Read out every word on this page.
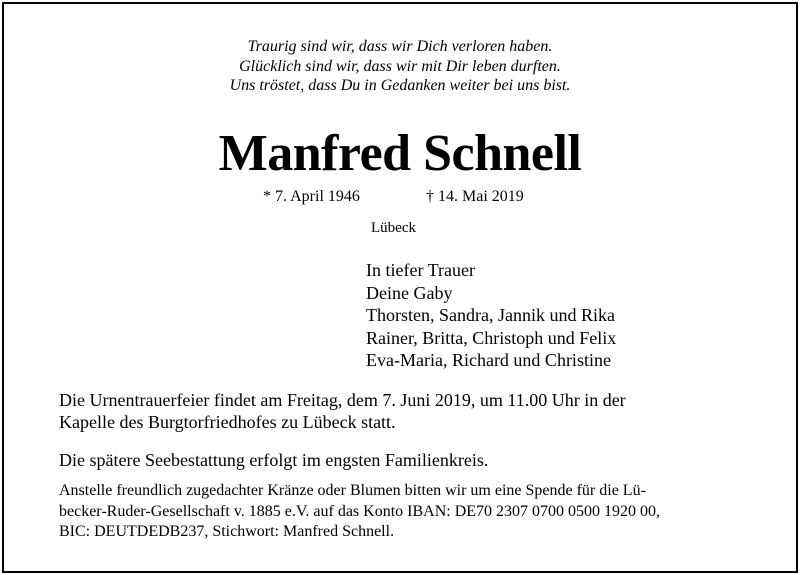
Traurig sind wir, dass wir Dich verloren haben.
Glücklich sind wir, dass wir mit Dir leben durften.
Uns tröstet, dass Du in Gedanken weiter bei uns bist.
Manfred Schnell
* 7. April 1946	† 14. Mai 2019
Lübeck
In tiefer Trauer
Deine Gaby
Thorsten, Sandra, Jannik und Rika
Rainer, Britta, Christoph und Felix
Eva-Maria, Richard und Christine
Die Urnentrauerfeier findet am Freitag, dem 7. Juni 2019, um 11.00 Uhr in der
Kapelle des Burgtorfriedhofes zu Lübeck statt.
Die spätere Seebestattung erfolgt im engsten Familienkreis.
Anstelle freundlich zugedachter Kränze oder Blumen bitten wir um eine Spende für die Lü-
becker-Ruder-Gesellschaft v. 1885 e.V. auf das Konto IBAN: DE70 2307 0700 0500 1920 00,
BIC: DEUTDEDB237, Stichwort: Manfred Schnell.
